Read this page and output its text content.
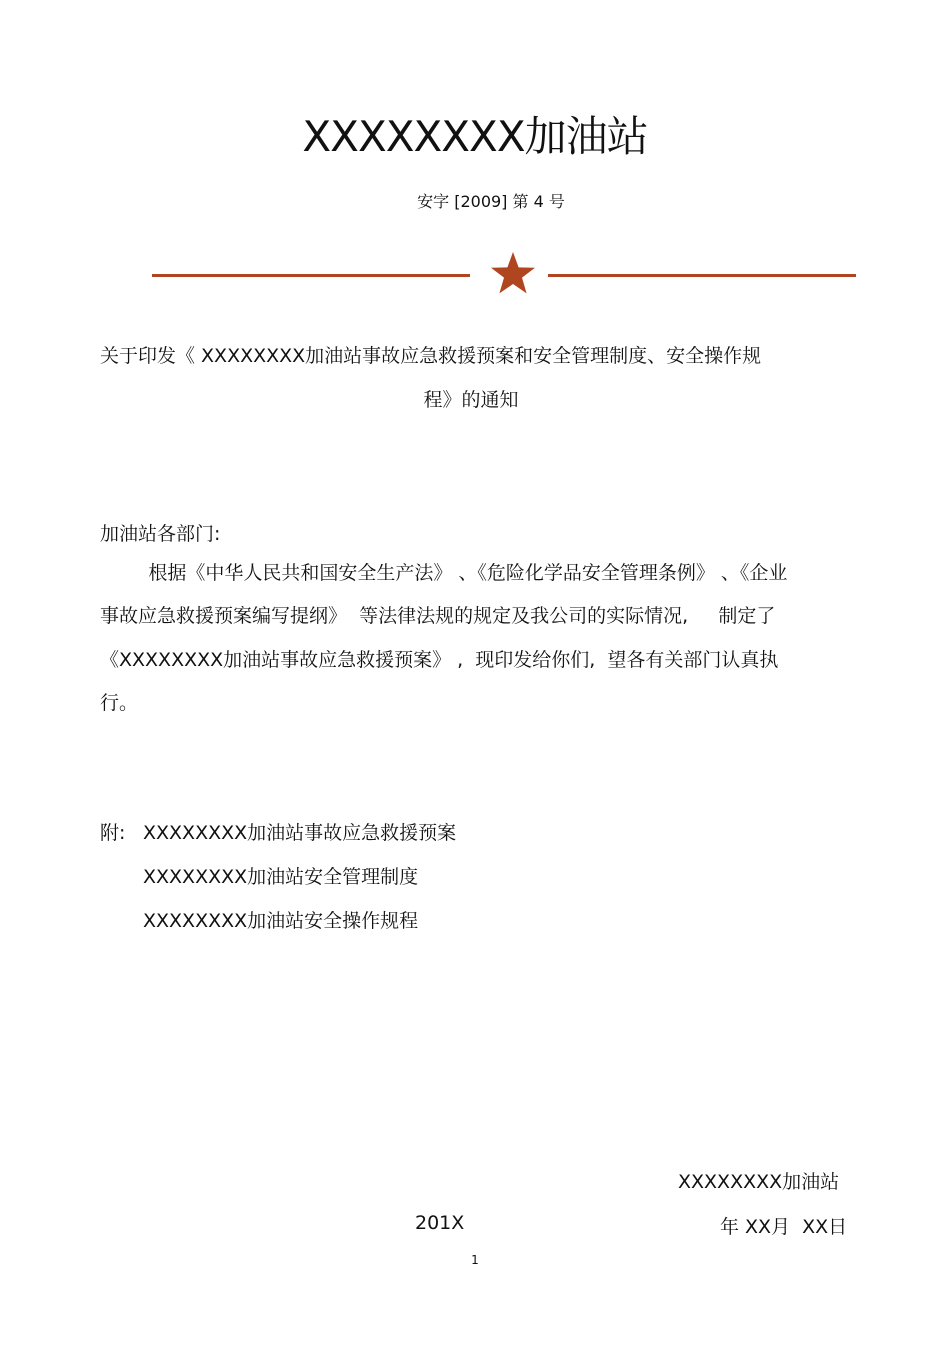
XXXXXXXX加油站
安字 [2009] 第 4 号
关于印发《 XXXXXXXX加油站事故应急救援预案和安全管理制度、安全操作规
程》的通知
加油站各部门:
根据《中华人民共和国安全生产法》 、《危险化学品安全管理条例》 、《企业
事故应急救援预案编写提纲》  等法律法规的规定及我公司的实际情况,     制定了
《XXXXXXXX加油站事故应急救援预案》 ,  现印发给你们,  望各有关部门认真执
行。
附: XXXXXXXX加油站事故应急救援预案
XXXXXXXX加油站安全管理制度
XXXXXXXX加油站安全操作规程
XXXXXXXX加油站
201X	年 XX月  XX日
1
